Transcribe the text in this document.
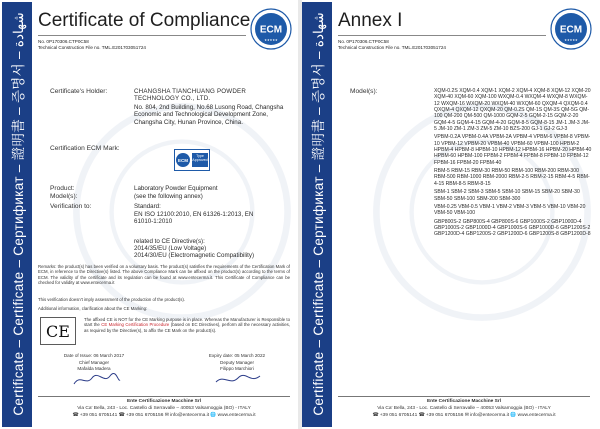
Certificate – Certificate – Сертификат – 證明書 – 증명서 – شهادة Certificate of Compliance ECM
★★★★★
No. 0P170306.CTP0C58
Technical Construction File no. TML.E201703051724
Certificate's Holder:	CHANGSHA TIANCHUANG POWDER TECHNOLOGY CO., LTD.
No. 804, 2nd Building, No.68 Lusong Road, Changsha Economic and Technological Development Zone, Changsha City, Hunan Province, China.
Certification ECM Mark:
ECM
Type
Approved
Product:	Laboratory Powder Equipment
Model(s):	(see the following annex)
Verification to:	Standard:
EN ISO 12100:2010, EN 61326-1:2013, EN 61010-1:2010
related to CE Directive(s):
2014/35/EU (Low Voltage)
2014/30/EU (Electromagnetic Compatibility)
Remarks: the product(s) has been verified on a voluntary basis. The product(s) satisfies the requirements of the Certification Mark of ECM, in reference to the Directive(s) listed. The above Compliance Mark can be affixed on the product(s) according to the terms of ECM. The validity of the certificate and its regulation can be found at www.entecerma.it. This Certificate of Compliance can be checked for validity at www.entecerma.it
This verification doesn't imply assessment of the production of the product(s).
Additional information, clarification about the CE Marking:
CE
The affixed CE is NOT for the CE Marking purpose is in place. Whereas the Manufacturer is Responsible to start the CE Marking Certification Procedure (based on EC Directives), perform all the necessary activities, as required by the Directive(s), to affix the CE Mark on the product(s).
Date of Issue: 06 March 2017	Expiry date: 05 March 2022
Chief Manager
Mafalda Madera
Deputy Manager
Filippo Marchiori
Ente Certificazione Macchine Srl
Via Ca' Bella, 243 - Loc. Castello di Serravalle – 40053 Valsamoggia (BO) - ITALY
☎ +39 051 6705141 ☎ +39 051 6705156 ✉ info@entecerma.it 🌐 www.entecerma.it	Certificate – Certificate – Сертификат – 證明書 – 증명서 – شهادة Annex I	ECM
★★★★★
No. 0P170306.CTP0C58
Technical Construction File no. TML.E201703051724
Model(s):	XQM-0.2S XQM-0.4 XQM-1 XQM-2 XQM-4 XQM-8 XQM-12 XQM-20 XQM-40 XQM-60 XQM-100 WXQM-0.4 WXQM-4 WXQM-8 WXQM-12 WXQM-16 WXQM-20 WXQM-40 WXQM-60 QXQM-4 QXQM-0.4 QXQM-4 QXQM-12 QXQM-20 QM-0.2S QM-1S QM-3S QM-5G QM-100 QM-200 QM-500 QM-1000 GQM-2-5 GQM-2-15 GQM-2-20 GQM-4-5 GQM-4-15 GQM-4-20 GQM-8-5 GQM-8-15 JM-1 JM-3 JM-5 JM-10 ZM-1 ZM-3 ZM-5 ZM-10 BZS-200 GJ-1 GJ-2 GJ-3

VPBM-0.2A VPBM-0.4A VPBM-2A VPBM-4 VPBM-6 VPBM-8 VPBM-10 VPBM-12 VPBM-20 VPBM-40 VPBM-60 VPBM-100 HPBM-2 HPBM-4 HPBM-8 HPBM-10 HPBM-12 HPBM-16 HPBM-20 HPBM-40 HPBM-60 HPBM-100 FPBM-2 FPBM-4 FPBM-8 FPBM-10 FPBM-12 FPBM-16 FPBM-20 FPBM-40

RBM-5 RBM-15 RBM-30 RBM-50 RBM-100 RBM-200 RBM-300 RBM-500 RBM-1000 RBM-2000 RBM-2-5 RBM-2-15 RBM-4-5 RBM-4-15 RBM-8-5 RBM-8-15

SBM-1 SBM-2 SBM-3 SBM-5 SBM-10 SBM-15 SBM-20 SBM-30 SBM-50 SBM-100 SBM-200 SBM-300

VBM-0.25 VBM-0.5 VBM-1 VBM-2 VBM-3 VBM-5 VBM-10 VBM-20 VBM-50 VBM-100

GBP800S-2 GBP800S-4 GBP800S-6 GBP1000S-2 GBP1000D-4 GBP1000S-2 GBP1000D-4 GBP1000S-6 GBP1000D-6 GBP1200S-2 GBP1200D-4 GBP1200S-2 GBP1200D-6 GBP1200S-8 GBP1200D-8

Ente Certificazione Macchine Srl
Via Ca' Bella, 243 - Loc. Castello di Serravalle – 40053 Valsamoggia (BO) - ITALY
☎ +39 051 6705141 ☎ +39 051 6705156 ✉ info@entecerma.it 🌐 www.entecerma.it
